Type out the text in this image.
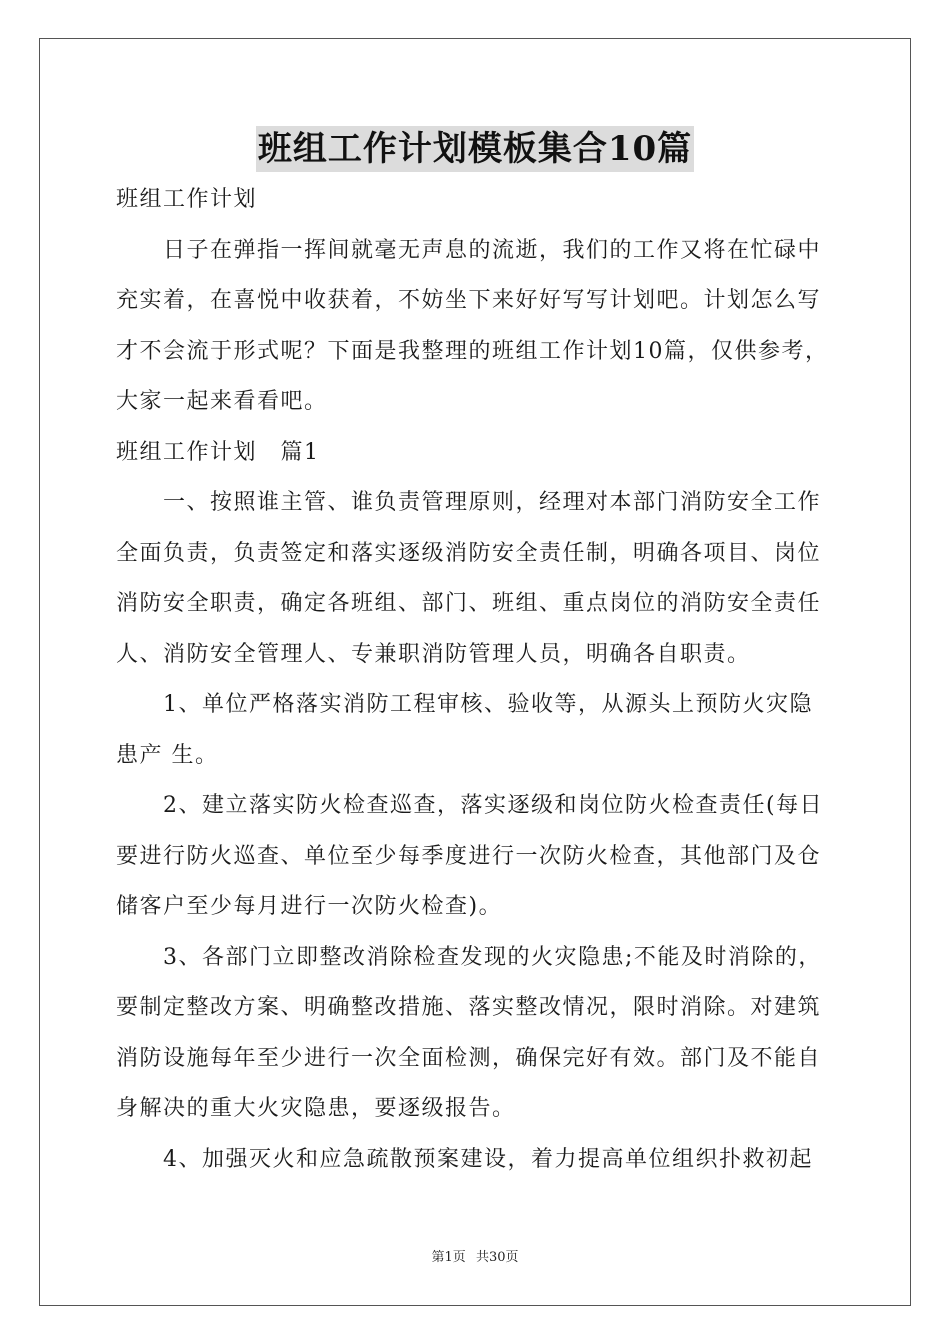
班组工作计划模板集合10篇
班组工作计划
　　日子在弹指一挥间就毫无声息的流逝，我们的工作又将在忙碌中
充实着，在喜悦中收获着，不妨坐下来好好写写计划吧。计划怎么写
才不会流于形式呢？下面是我整理的班组工作计划10篇，仅供参考，
大家一起来看看吧。
班组工作计划　篇1
　　一、按照谁主管、谁负责管理原则，经理对本部门消防安全工作
全面负责，负责签定和落实逐级消防安全责任制，明确各项目、岗位
消防安全职责，确定各班组、部门、班组、重点岗位的消防安全责任
人、消防安全管理人、专兼职消防管理人员，明确各自职责。
　　1、单位严格落实消防工程审核、验收等，从源头上预防火灾隐
患产 生。
　　2、建立落实防火检查巡查，落实逐级和岗位防火检查责任(每日
要进行防火巡查、单位至少每季度进行一次防火检查，其他部门及仓
储客户至少每月进行一次防火检查)。
　　3、各部门立即整改消除检查发现的火灾隐患;不能及时消除的，
要制定整改方案、明确整改措施、落实整改情况，限时消除。对建筑
消防设施每年至少进行一次全面检测，确保完好有效。部门及不能自
身解决的重大火灾隐患，要逐级报告。
　　4、加强灭火和应急疏散预案建设，着力提高单位组织扑救初起
第1页 共30页
